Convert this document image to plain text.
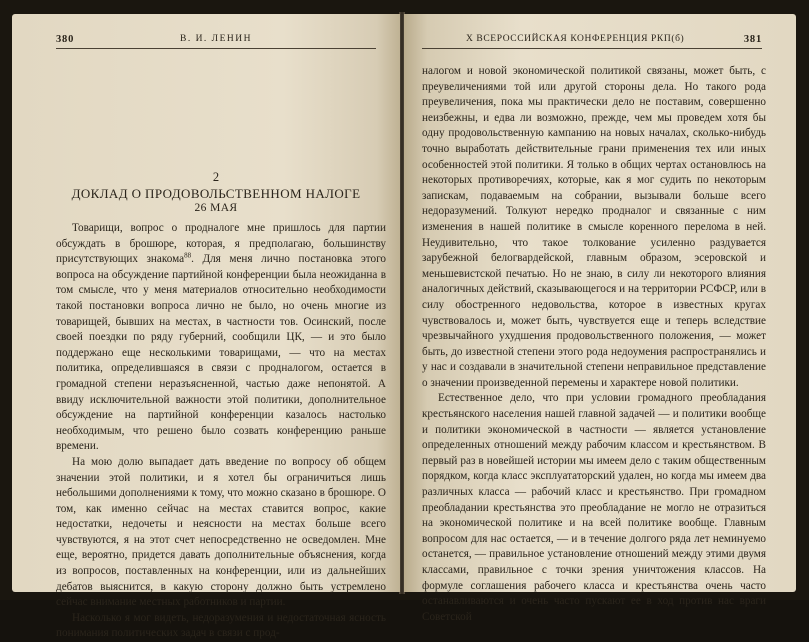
380	В. И. ЛЕНИН
2
ДОКЛАД О ПРОДОВОЛЬСТВЕННОМ НАЛОГЕ
26 МАЯ

Товарищи, вопрос о продналоге мне пришлось для партии обсуждать в брошюре, которая, я предполагаю, большинству присутствующих знакома$^{88}$. Для меня лично постановка этого вопроса на обсуждение партийной конференции была неожиданна в том смысле, что у меня материалов относительно необходимости такой постановки вопроса лично не было, но очень многие из товарищей, бывших на местах, в частности тов. Осинский, после своей поездки по ряду губерний, сообщили ЦК, — и это было поддержано еще несколькими товарищами, — что на местах политика, определившаяся в связи с продналогом, остается в громадной степени неразъясненной, частью даже непонятой. А ввиду исключительной важности этой политики, дополнительное обсуждение на партийной конференции казалось настолько необходимым, что решено было созвать конференцию раньше времени.

На мою долю выпадает дать введение по вопросу об общем значении этой политики, и я хотел бы ограничиться лишь небольшими дополнениями к тому, что можно сказано в брошюре. О том, как именно сейчас на местах ставится вопрос, какие недостатки, недочеты и неясности на местах больше всего чувствуются, я на этот счет непосредственно не осведомлен. Мне еще, вероятно, придется давать дополнительные объяснения, когда из вопросов, поставленных на конференции, или из дальнейших дебатов выяснится, в какую сторону должно быть устремлено сейчас внимание местных работников и партии.

Насколько я мог видеть, недоразумения и недостаточная ясность понимания политических задач в связи с прод-

X ВСЕРОССИЙСКАЯ КОНФЕРЕНЦИЯ РКП(б)	381

налогом и новой экономической политикой связаны, может быть, с преувеличениями той или другой стороны дела. Но такого рода преувеличения, пока мы практически дело не поставим, совершенно неизбежны, и едва ли возможно, прежде, чем мы проведем хотя бы одну продовольственную кампанию на новых началах, сколько-нибудь точно выработать действительные грани применения тех или иных особенностей этой политики. Я только в общих чертах остановлюсь на некоторых противоречиях, которые, как я мог судить по некоторым запискам, подаваемым на собрании, вызывали больше всего недоразумений. Толкуют нередко продналог и связанные с ним изменения в нашей политике в смысле коренного перелома в ней. Неудивительно, что такое толкование усиленно раздувается зарубежной белогвардейской, главным образом, эсеровской и меньшевистской печатью. Но не знаю, в силу ли некоторого влияния аналогичных действий, сказывающегося и на территории РСФСР, или в силу обостренного недовольства, которое в известных кругах чувствовалось и, может быть, чувствуется еще и теперь вследствие чрезвычайного ухудшения продовольственного положения, — может быть, до известной степени этого рода недоумения распространялись и у нас и создавали в значительной степени неправильное представление о значении произведенной перемены и характере новой политики.

Естественное дело, что при условии громадного преобладания крестьянского населения нашей главной задачей — и политики вообще и политики экономической в частности — является установление определенных отношений между рабочим классом и крестьянством. В первый раз в новейшей истории мы имеем дело с таким общественным порядком, когда класс эксплуататорский удален, но когда мы имеем два различных класса — рабочий класс и крестьянство. При громадном преобладании крестьянства это преобладание не могло не отразиться на экономической политике и на всей политике вообще. Главным вопросом для нас остается, — и в течение долгого ряда лет неминуемо останется, — правильное установление отношений между этими двумя классами, правильное с точки зрения уничтожения классов. На формуле соглашения рабочего класса и крестьянства очень часто останавливаются и очень часто пускают ее в ход против нас враги Советской
